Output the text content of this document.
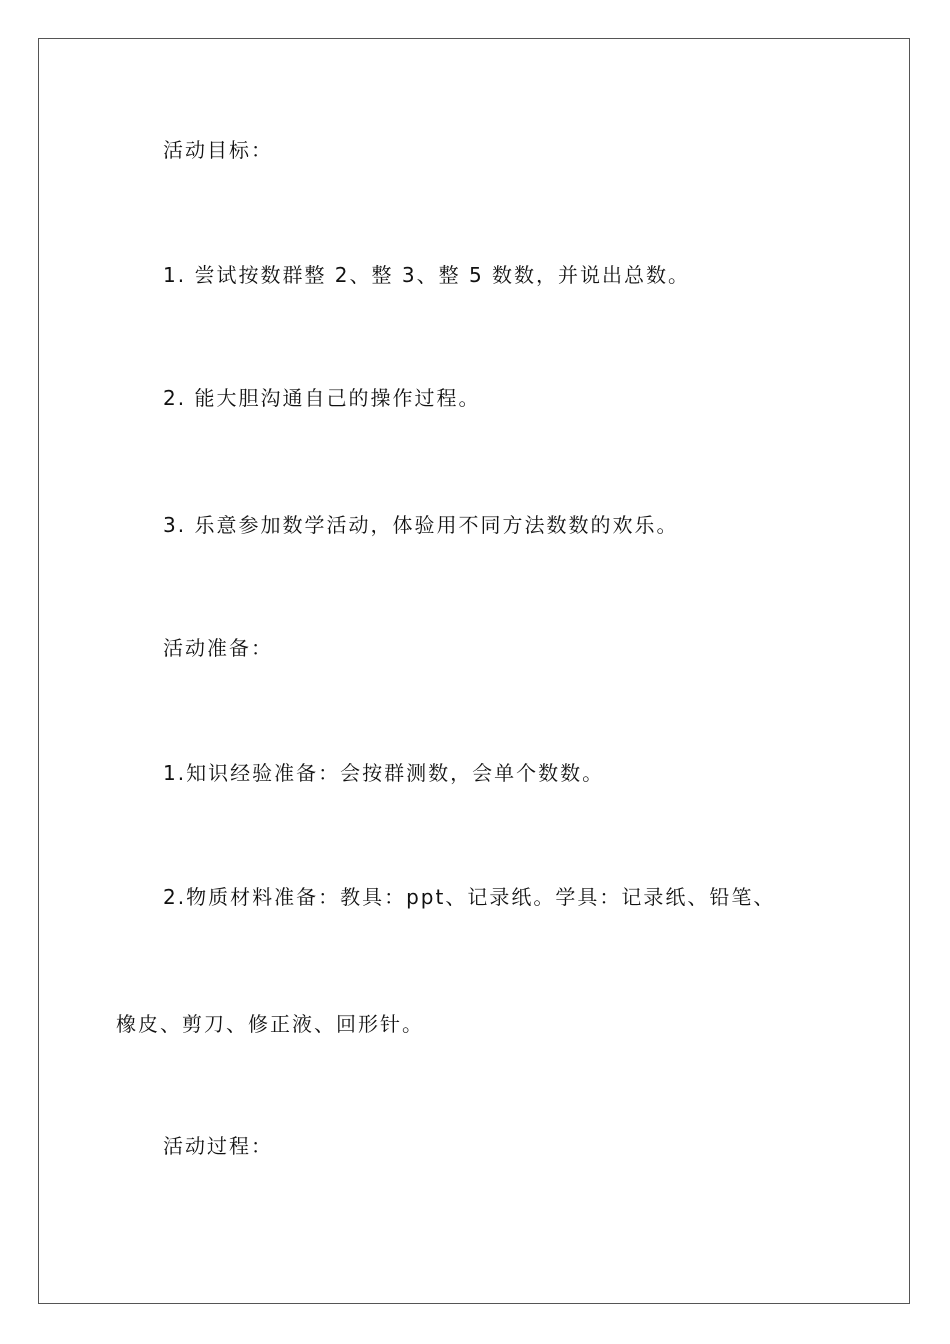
活动目标：
1. 尝试按数群整 2、整 3、整 5 数数，并说出总数。
2. 能大胆沟通自己的操作过程。
3. 乐意参加数学活动，体验用不同方法数数的欢乐。
活动准备：
1.知识经验准备：会按群测数，会单个数数。
2.物质材料准备：教具：ppt、记录纸。学具：记录纸、铅笔、
橡皮、剪刀、修正液、回形针。
活动过程：
